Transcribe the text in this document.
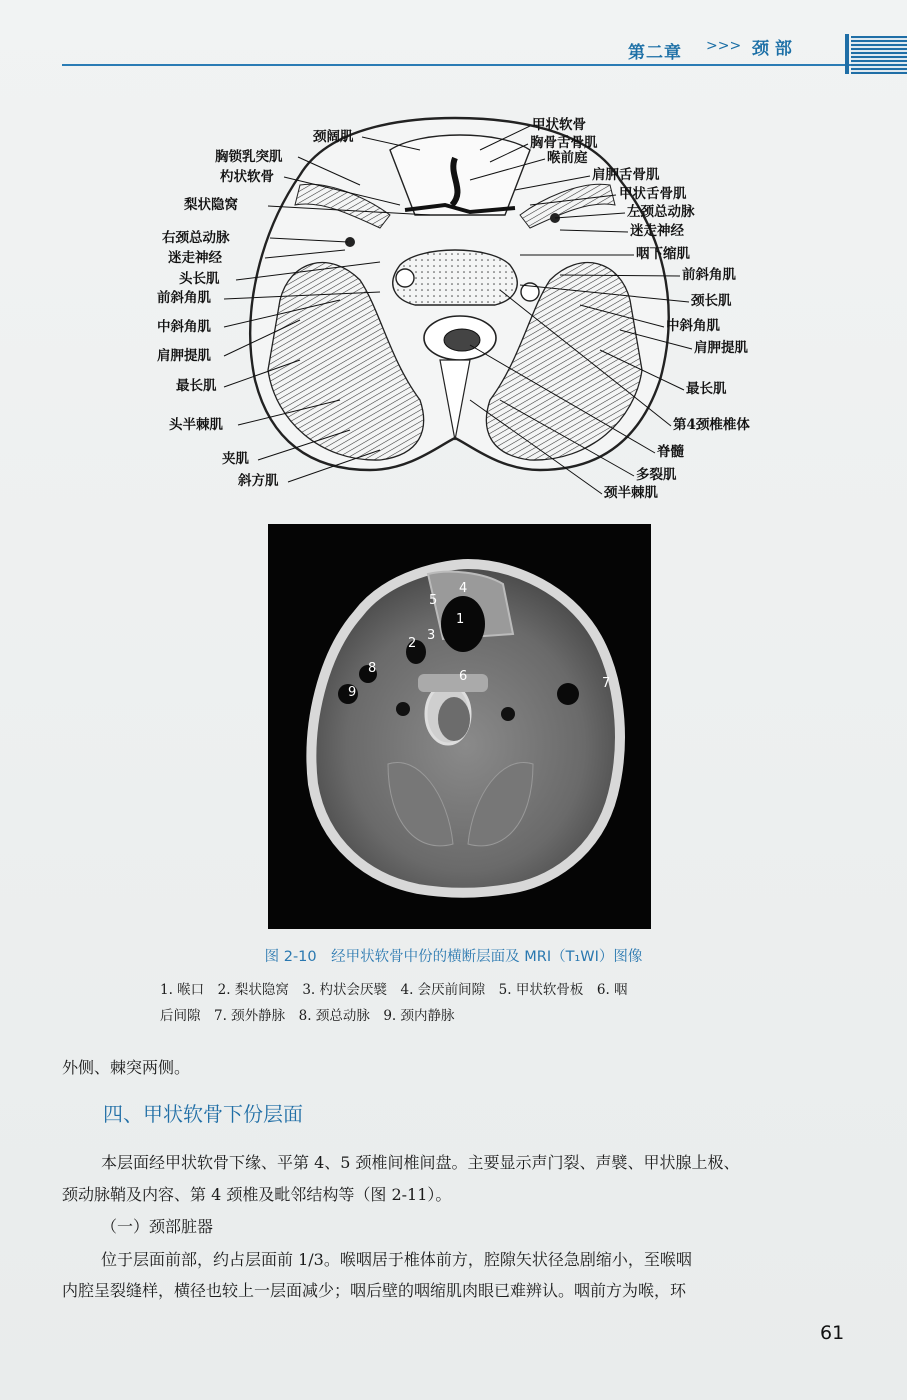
第二章 >>> 颈 部
颈阔肌
胸锁乳突肌
杓状软骨
梨状隐窝
右颈总动脉
迷走神经
头长肌
前斜角肌
中斜角肌
肩胛提肌
最长肌
头半棘肌
夹肌
斜方肌
甲状软骨
胸骨舌骨肌
喉前庭
肩胛舌骨肌
甲状舌骨肌
左颈总动脉
迷走神经
咽下缩肌
前斜角肌
颈长肌
中斜角肌
肩胛提肌
最长肌
第4颈椎椎体
脊髓
多裂肌
颈半棘肌
1
2
3
4
5
6	7
8
9
图 2-10　经甲状软骨中份的横断层面及 MRI（T₁WI）图像
1. 喉口　2. 梨状隐窝　3. 杓状会厌襞　4. 会厌前间隙　5. 甲状软骨板　6. 咽
后间隙　7. 颈外静脉　8. 颈总动脉　9. 颈内静脉
外侧、棘突两侧。
四、甲状软骨下份层面
本层面经甲状软骨下缘、平第 4、5 颈椎间椎间盘。主要显示声门裂、声襞、甲状腺上极、
颈动脉鞘及内容、第 4 颈椎及毗邻结构等（图 2-11）。
（一）颈部脏器
位于层面前部，约占层面前 1/3。喉咽居于椎体前方，腔隙矢状径急剧缩小，至喉咽
内腔呈裂缝样，横径也较上一层面减少；咽后壁的咽缩肌肉眼已难辨认。咽前方为喉，环
61
